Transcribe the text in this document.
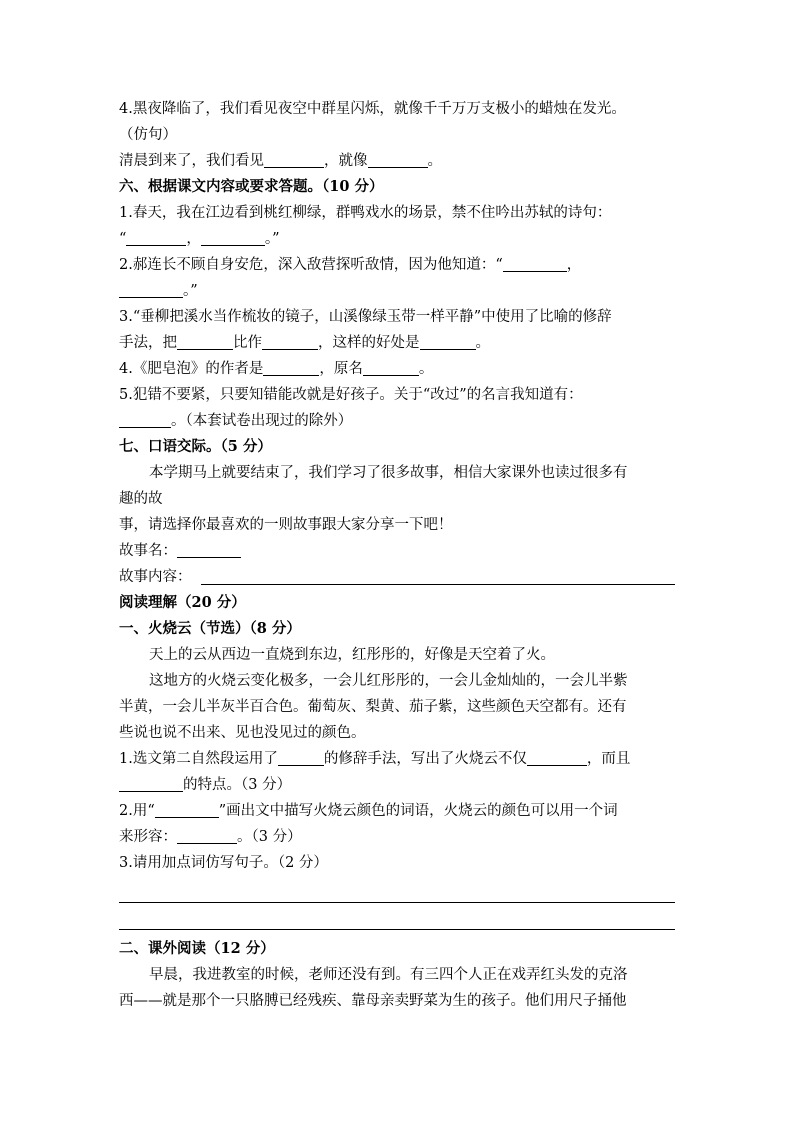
4.黑夜降临了，我们看见夜空中群星闪烁，就像千千万万支极小的蜡烛在发光。
（仿句）
清晨到来了，我们看见	，就像	。
六、根据课文内容或要求答题。（10 分）
1.春天，我在江边看到桃红柳绿，群鸭戏水的场景，禁不住吟出苏轼的诗句：
“	，	。”
2.郝连长不顾自身安危，深入敌营探听敌情，因为他知道：“	，
。”
3.“垂柳把溪水当作梳妆的镜子，山溪像绿玉带一样平静”中使用了比喻的修辞
手法，把	比作	，这样的好处是	。
4.《肥皂泡》的作者是	，原名	。
5.犯错不要紧，只要知错能改就是好孩子。关于“改过”的名言我知道有：
。（本套试卷出现过的除外）
七、口语交际。（5 分）
本学期马上就要结束了，我们学习了很多故事，相信大家课外也读过很多有
趣的故
事，请选择你最喜欢的一则故事跟大家分享一下吧！
故事名：
故事内容：
阅读理解（20 分）
一、火烧云（节选）（8 分）
天上的云从西边一直烧到东边，红彤彤的，好像是天空着了火。
这地方的火烧云变化极多，一会儿红彤彤的，一会儿金灿灿的，一会儿半紫
半黄，一会儿半灰半百合色。葡萄灰、梨黄、茄子紫，这些颜色天空都有。还有
些说也说不出来、见也没见过的颜色。
1.选文第二自然段运用了	的修辞手法，写出了火烧云不仅	，而且
的特点。（3 分）
2.用“	”画出文中描写火烧云颜色的词语，火烧云的颜色可以用一个词
来形容：	。（3 分）
3.请用加点词仿写句子。（2 分）
二、课外阅读（12 分）
早晨，我进教室的时候，老师还没有到。有三四个人正在戏弄红头发的克洛
西——就是那个一只胳膊已经残疾、靠母亲卖野菜为生的孩子。他们用尺子捅他
